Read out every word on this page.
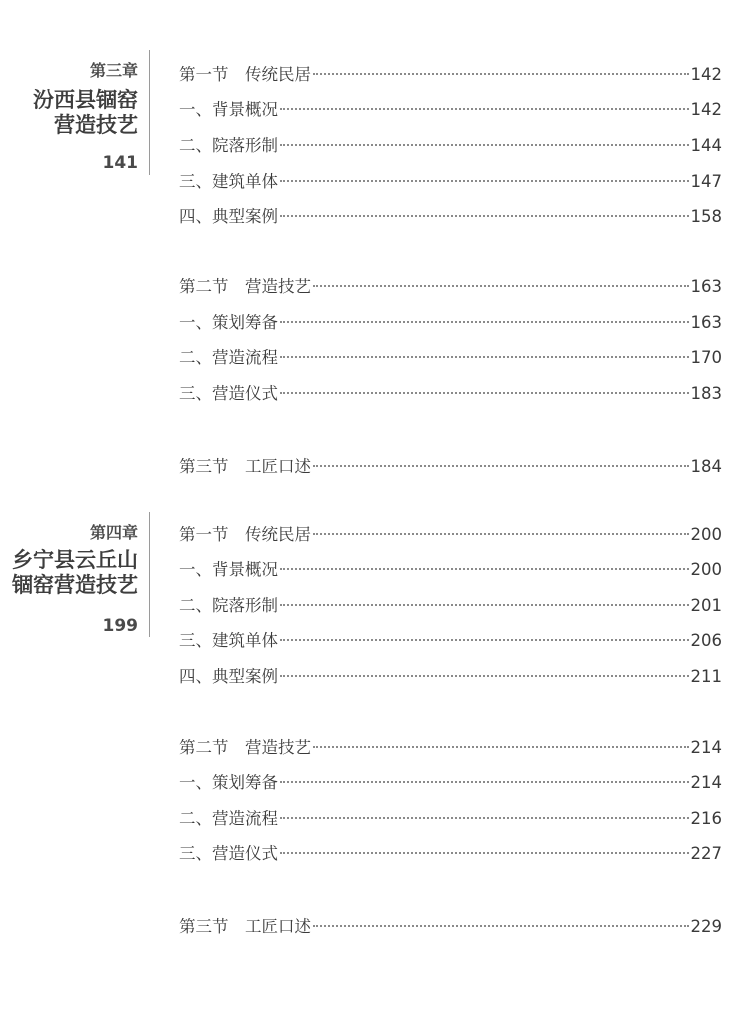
第三章
汾西县锢窑
营造技艺
141
第四章
乡宁县云丘山
锢窑营造技艺
199
第一节　传统民居	142
一、背景概况	142
二、院落形制	144
三、建筑单体	147
四、典型案例	158
第二节　营造技艺	163
一、策划筹备	163
二、营造流程	170
三、营造仪式	183
第三节　工匠口述	184
第一节　传统民居	200
一、背景概况	200
二、院落形制	201
三、建筑单体	206
四、典型案例	211
第二节　营造技艺	214
一、策划筹备	214
二、营造流程	216
三、营造仪式	227
第三节　工匠口述	229
